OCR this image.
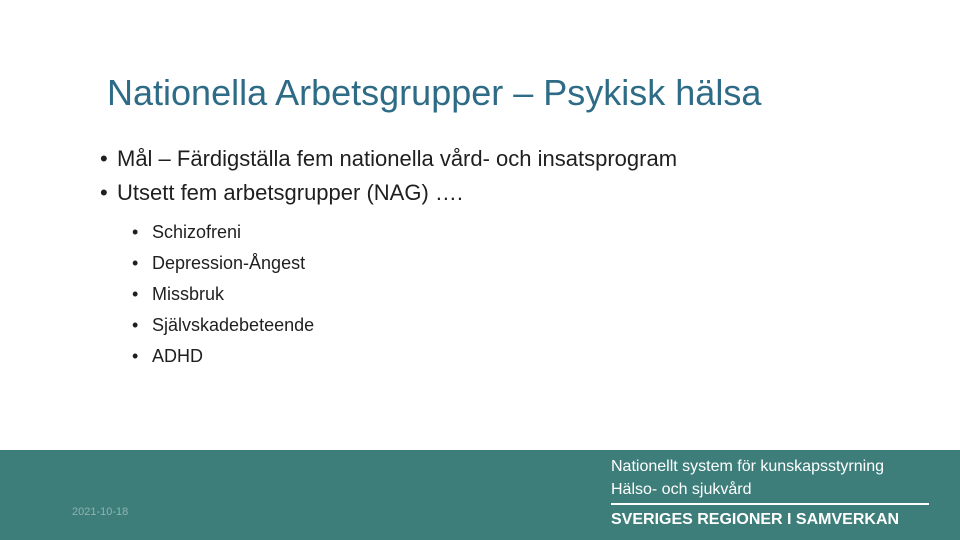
Nationella Arbetsgrupper – Psykisk hälsa
• Mål – Färdigställa fem nationella vård- och insatsprogram
• Utsett fem arbetsgrupper (NAG) ….
• Schizofreni
• Depression-Ångest
• Missbruk
• Självskadebeteende
• ADHD
2021-10-18
Nationellt system för kunskapsstyrning
Hälso- och sjukvård
SVERIGES REGIONER I SAMVERKAN
